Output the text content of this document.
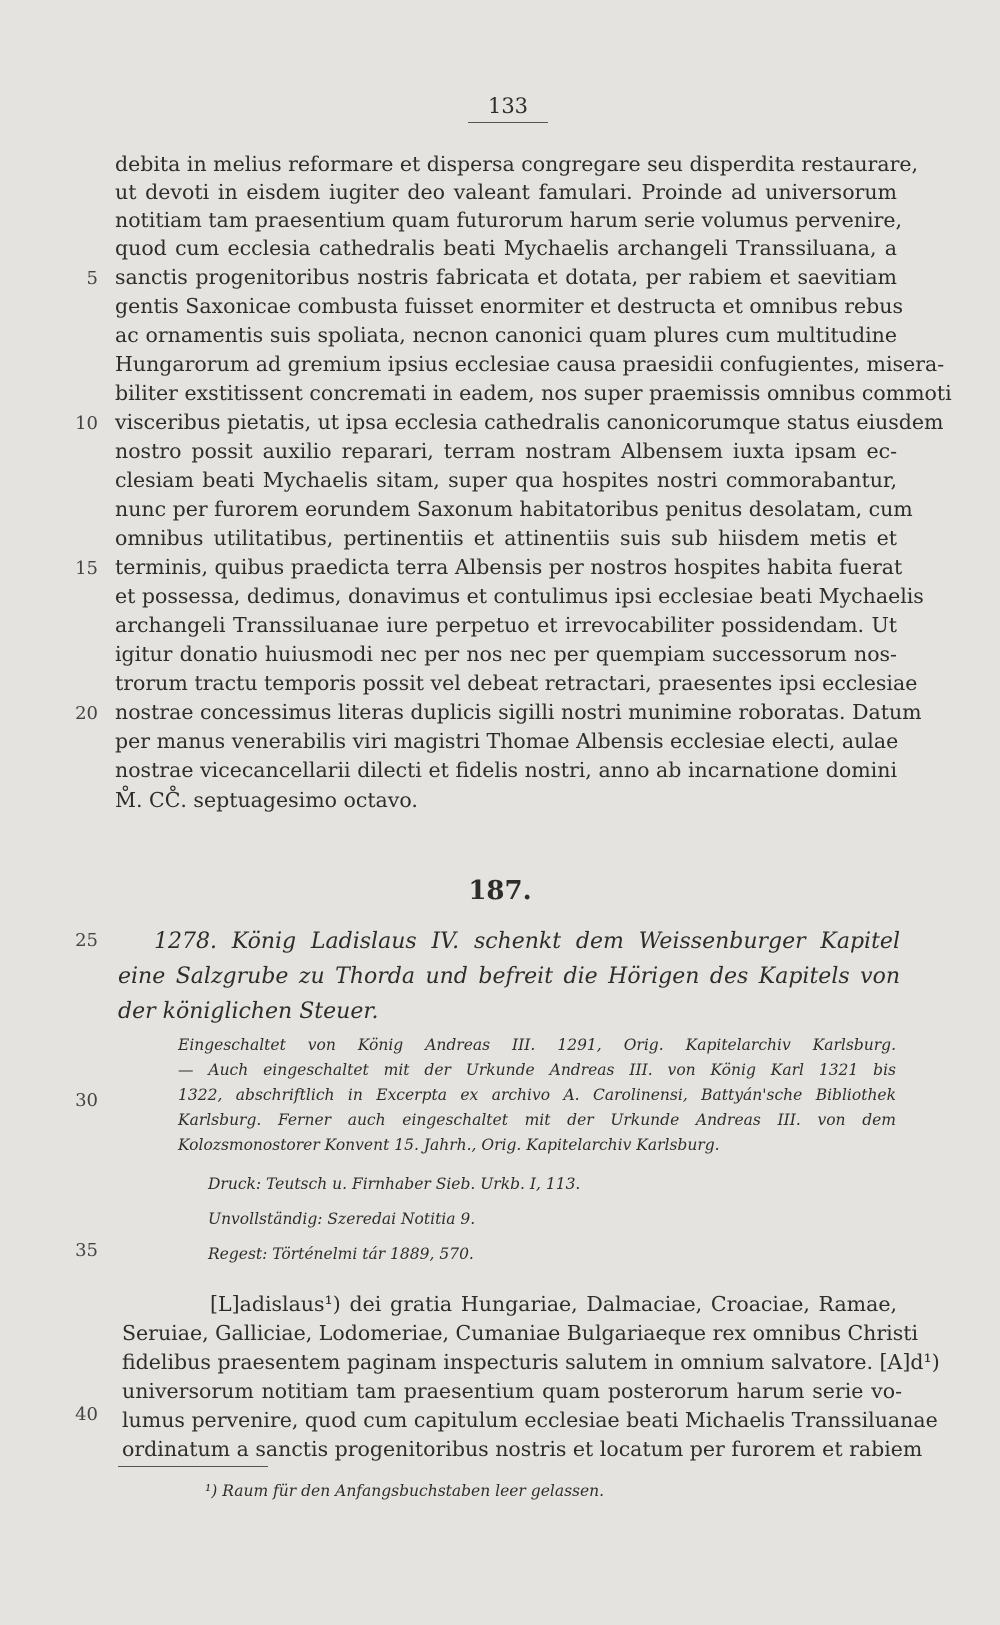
133
debita in melius reformare et dispersa congregare seu disperdita restaurare,
ut devoti in eisdem iugiter deo valeant famulari. Proinde ad universorum
notitiam tam praesentium quam futurorum harum serie volumus pervenire,
quod cum ecclesia cathedralis beati Mychaelis archangeli Transsiluana, a
sanctis progenitoribus nostris fabricata et dotata, per rabiem et saevitiam
gentis Saxonicae combusta fuisset enormiter et destructa et omnibus rebus
ac ornamentis suis spoliata, necnon canonici quam plures cum multitudine
Hungarorum ad gremium ipsius ecclesiae causa praesidii confugientes, misera-
biliter exstitissent concremati in eadem, nos super praemissis omnibus commoti
visceribus pietatis, ut ipsa ecclesia cathedralis canonicorumque status eiusdem
nostro possit auxilio reparari, terram nostram Albensem iuxta ipsam ec-
clesiam beati Mychaelis sitam, super qua hospites nostri commorabantur,
nunc per furorem eorundem Saxonum habitatoribus penitus desolatam, cum
omnibus utilitatibus, pertinentiis et attinentiis suis sub hiisdem metis et
terminis, quibus praedicta terra Albensis per nostros hospites habita fuerat
et possessa, dedimus, donavimus et contulimus ipsi ecclesiae beati Mychaelis
archangeli Transsiluanae iure perpetuo et irrevocabiliter possidendam. Ut
igitur donatio huiusmodi nec per nos nec per quempiam successorum nos-
trorum tractu temporis possit vel debeat retractari, praesentes ipsi ecclesiae
nostrae concessimus literas duplicis sigilli nostri munimine roboratas. Datum
per manus venerabilis viri magistri Thomae Albensis ecclesiae electi, aulae
nostrae vicecancellarii dilecti et fidelis nostri, anno ab incarnatione domini
M̊. CC̊. septuagesimo octavo.
5
10
15
20
25
30
35
40
187.
1278. König Ladislaus IV. schenkt dem Weissenburger Kapitel
eine Salzgrube zu Thorda und befreit die Hörigen des Kapitels von
der königlichen Steuer.
Eingeschaltet von König Andreas III. 1291, Orig. Kapitelarchiv Karlsburg.
— Auch eingeschaltet mit der Urkunde Andreas III. von König Karl 1321 bis
1322, abschriftlich in Excerpta ex archivo A. Carolinensi, Battyán'sche Bibliothek
Karlsburg. Ferner auch eingeschaltet mit der Urkunde Andreas III. von dem
Kolozsmonostorer Konvent 15. Jahrh., Orig. Kapitelarchiv Karlsburg.
Druck: Teutsch u. Firnhaber Sieb. Urkb. I, 113.
Unvollständig: Szeredai Notitia 9.
Regest: Történelmi tár 1889, 570.
[L]adislaus¹) dei gratia Hungariae, Dalmaciae, Croaciae, Ramae,
Seruiae, Galliciae, Lodomeriae, Cumaniae Bulgariaeque rex omnibus Christi
fidelibus praesentem paginam inspecturis salutem in omnium salvatore. [A]d¹)
universorum notitiam tam praesentium quam posterorum harum serie vo-
lumus pervenire, quod cum capitulum ecclesiae beati Michaelis Transsiluanae
ordinatum a sanctis progenitoribus nostris et locatum per furorem et rabiem
¹) Raum für den Anfangsbuchstaben leer gelassen.
